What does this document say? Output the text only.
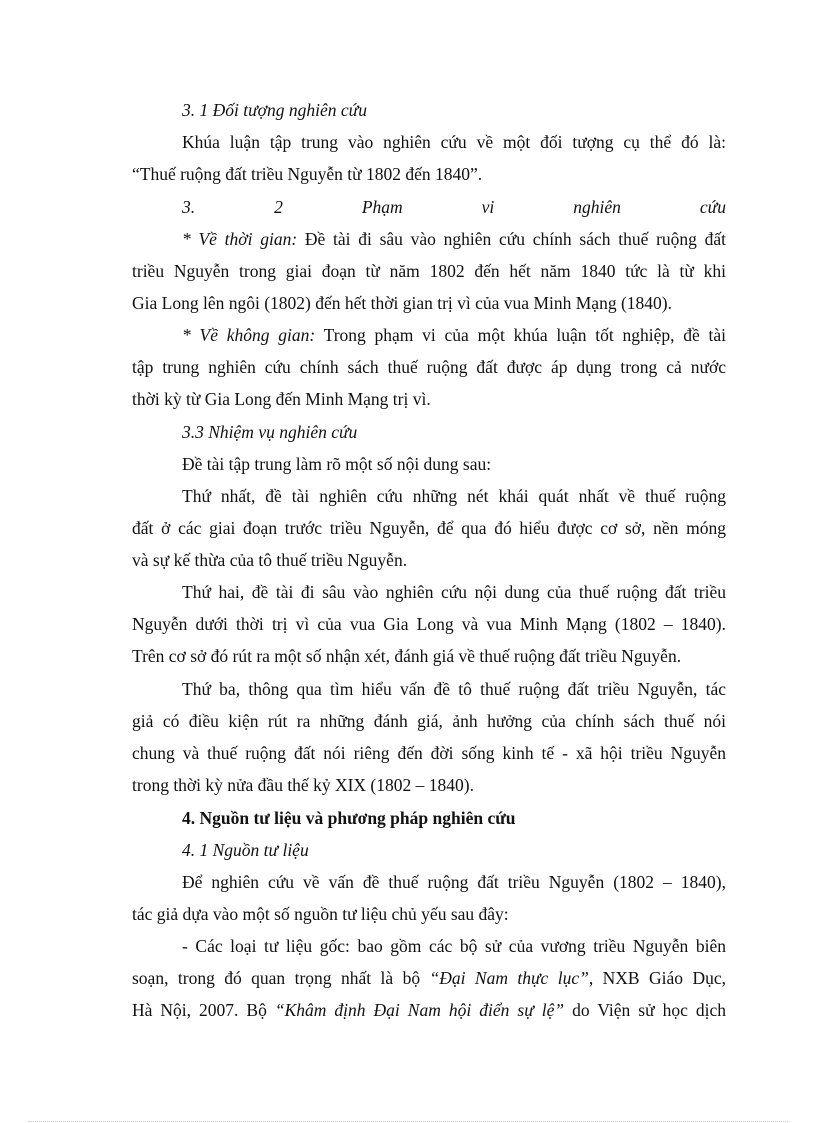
3. 1 Đối tượng nghiên cứu
Khúa luận tập trung vào nghiên cứu về một đối tượng cụ thể đó là:
“Thuế ruộng đất triều Nguyễn từ 1802 đến 1840”.
3.	2	Phạm	vi	nghiên	cứu
* Về thời gian: Đề tài đi sâu vào nghiên cứu chính sách thuế ruộng đất
triều Nguyễn trong giai đoạn từ năm 1802 đến hết năm 1840 tức là từ khi
Gia Long lên ngôi (1802) đến hết thời gian trị vì của vua Minh Mạng (1840).
* Về không gian: Trong phạm vi của một khúa luận tốt nghiệp, đề tài
tập trung nghiên cứu chính sách thuế ruộng đất được áp dụng trong cả nước
thời kỳ từ Gia Long đến Minh Mạng trị vì.
3.3 Nhiệm vụ nghiên cứu
Đề tài tập trung làm rõ một số nội dung sau:
Thứ nhất, đề tài nghiên cứu những nét khái quát nhất về thuế ruộng
đất ở các giai đoạn trước triều Nguyễn, để qua đó hiểu được cơ sở, nền móng
và sự kế thừa của tô thuế triều Nguyễn.
Thứ hai, đề tài đi sâu vào nghiên cứu nội dung của thuế ruộng đất triều
Nguyễn dưới thời trị vì của vua Gia Long và vua Minh Mạng (1802 – 1840).
Trên cơ sở đó rút ra một số nhận xét, đánh giá về thuế ruộng đất triều Nguyễn.
Thứ ba, thông qua tìm hiểu vấn đề tô thuế ruộng đất triều Nguyễn, tác
giả có điều kiện rút ra những đánh giá, ảnh hưởng của chính sách thuế nói
chung và thuế ruộng đất nói riêng đến đời sống kinh tế - xã hội triều Nguyễn
trong thời kỳ nửa đầu thế kỷ XIX (1802 – 1840).
4. Nguồn tư liệu và phương pháp nghiên cứu
4. 1 Nguồn tư liệu
Để nghiên cứu về vấn đề thuế ruộng đất triều Nguyễn (1802 – 1840),
tác giả dựa vào một số nguồn tư liệu chủ yếu sau đây:
- Các loại tư liệu gốc: bao gồm các bộ sử của vương triều Nguyễn biên
soạn, trong đó quan trọng nhất là bộ “Đại Nam thực lục”, NXB Giáo Dục,
Hà Nội, 2007. Bộ “Khâm định Đại Nam hội điển sự lệ” do Viện sử học dịch
